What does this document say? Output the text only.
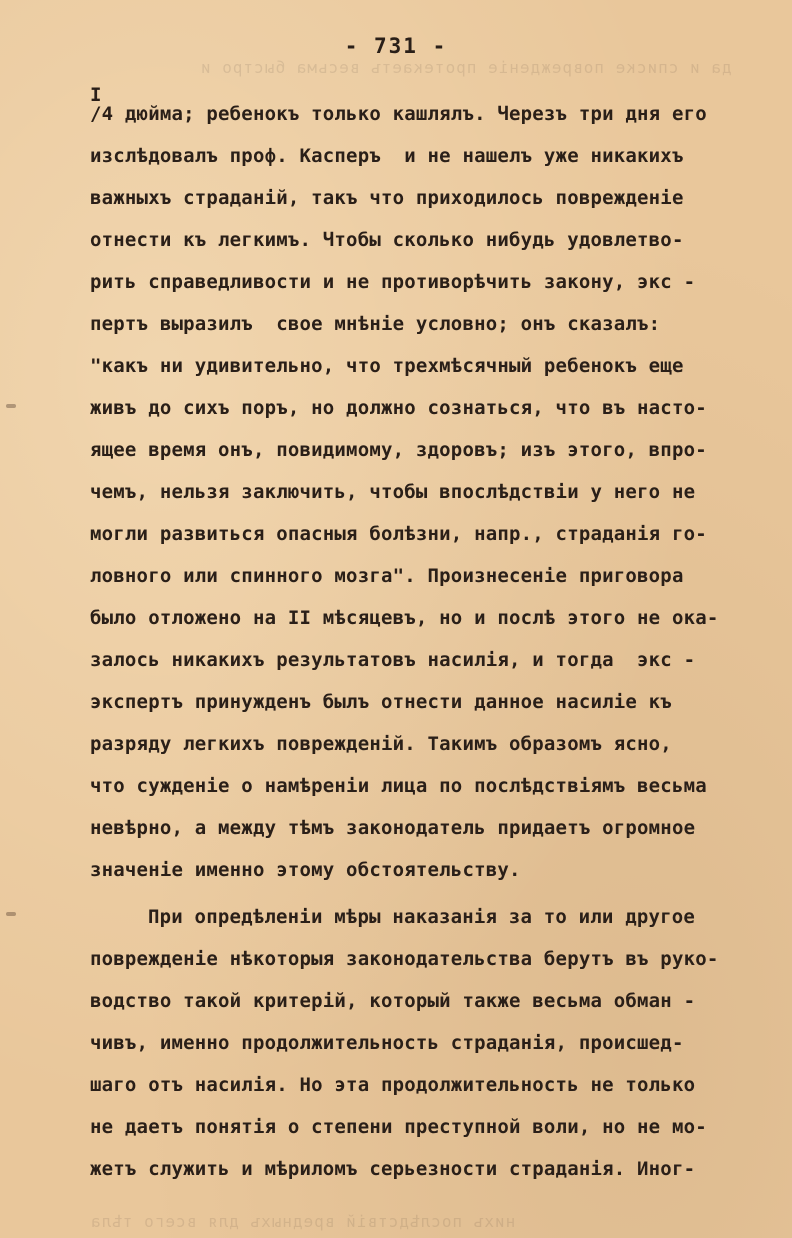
да и списке поврежденіе протекаетъ весьма быстро и
нихъ послѣдствій вредныхъ для всего тѣла
- 731 -
I
/4 дюйма; ребенокъ только кашлялъ. Черезъ три дня его
изслѣдовалъ проф. Касперъ  и не нашелъ уже никакихъ
важныхъ страданій, такъ что приходилось поврежденіе
отнести къ легкимъ. Чтобы сколько нибудь удовлетво-
рить справедливости и не противорѣчить закону, экс -
пертъ выразилъ  свое мнѣніе условно; онъ сказалъ:
"какъ ни удивительно, что трехмѣсячный ребенокъ еще
живъ до сихъ поръ, но должно сознаться, что въ насто-
ящее время онъ, повидимому, здоровъ; изъ этого, впро-
чемъ, нельзя заключить, чтобы впослѣдствіи у него не
могли развиться опасныя болѣзни, напр., страданія го-
ловного или спинного мозга". Произнесеніе приговора
было отложено на II мѣсяцевъ, но и послѣ этого не ока-
залось никакихъ результатовъ насилія, и тогда  экс -
экспертъ принужденъ былъ отнести данное насиліе къ
разряду легкихъ поврежденій. Такимъ образомъ ясно,
что сужденіе о намѣреніи лица по послѣдствіямъ весьма
невѣрно, а между тѣмъ законодатель придаетъ огромное
значеніе именно этому обстоятельству.
При опредѣленіи мѣры наказанія за то или другое
поврежденіе нѣкоторыя законодательства берутъ въ руко-
водство такой критерій, который также весьма обман -
чивъ, именно продолжительность страданія, происшед-
шаго отъ насилія. Но эта продолжительность не только
не даетъ понятія о степени преступной воли, но не мо-
жетъ служить и мѣриломъ серьезности страданія. Иног-
